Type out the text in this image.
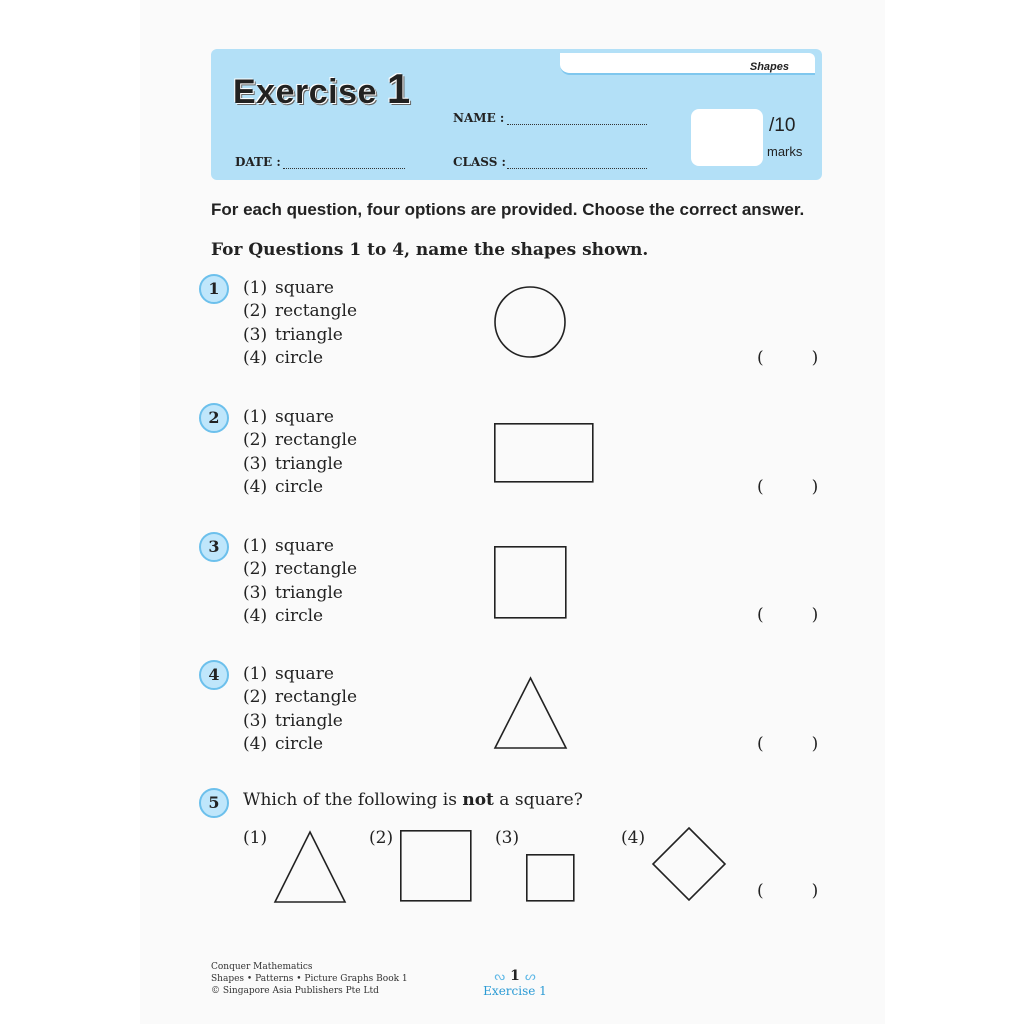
Shapes
Exercise 1
NAME :
DATE :	CLASS :
/10
marks
For each question, four options are provided. Choose the correct answer.
For Questions 1 to 4, name the shapes shown.
1	(1) square
(2) rectangle
(3) triangle
(4) circle	(	)
2	(1) square
(2) rectangle
(3) triangle
(4) circle	(	)
3	(1) square
(2) rectangle
(3) triangle
(4) circle	(	)
4	(1) square
(2) rectangle
(3) triangle
(4) circle	(	)
5	Which of the following is not a square?
(1)	(2)	(3)	(4)
(	)
Conquer Mathematics
Shapes • Patterns • Picture Graphs Book 1
© Singapore Asia Publishers Pte Ltd
ᔓ 1 ᔕ
Exercise 1
